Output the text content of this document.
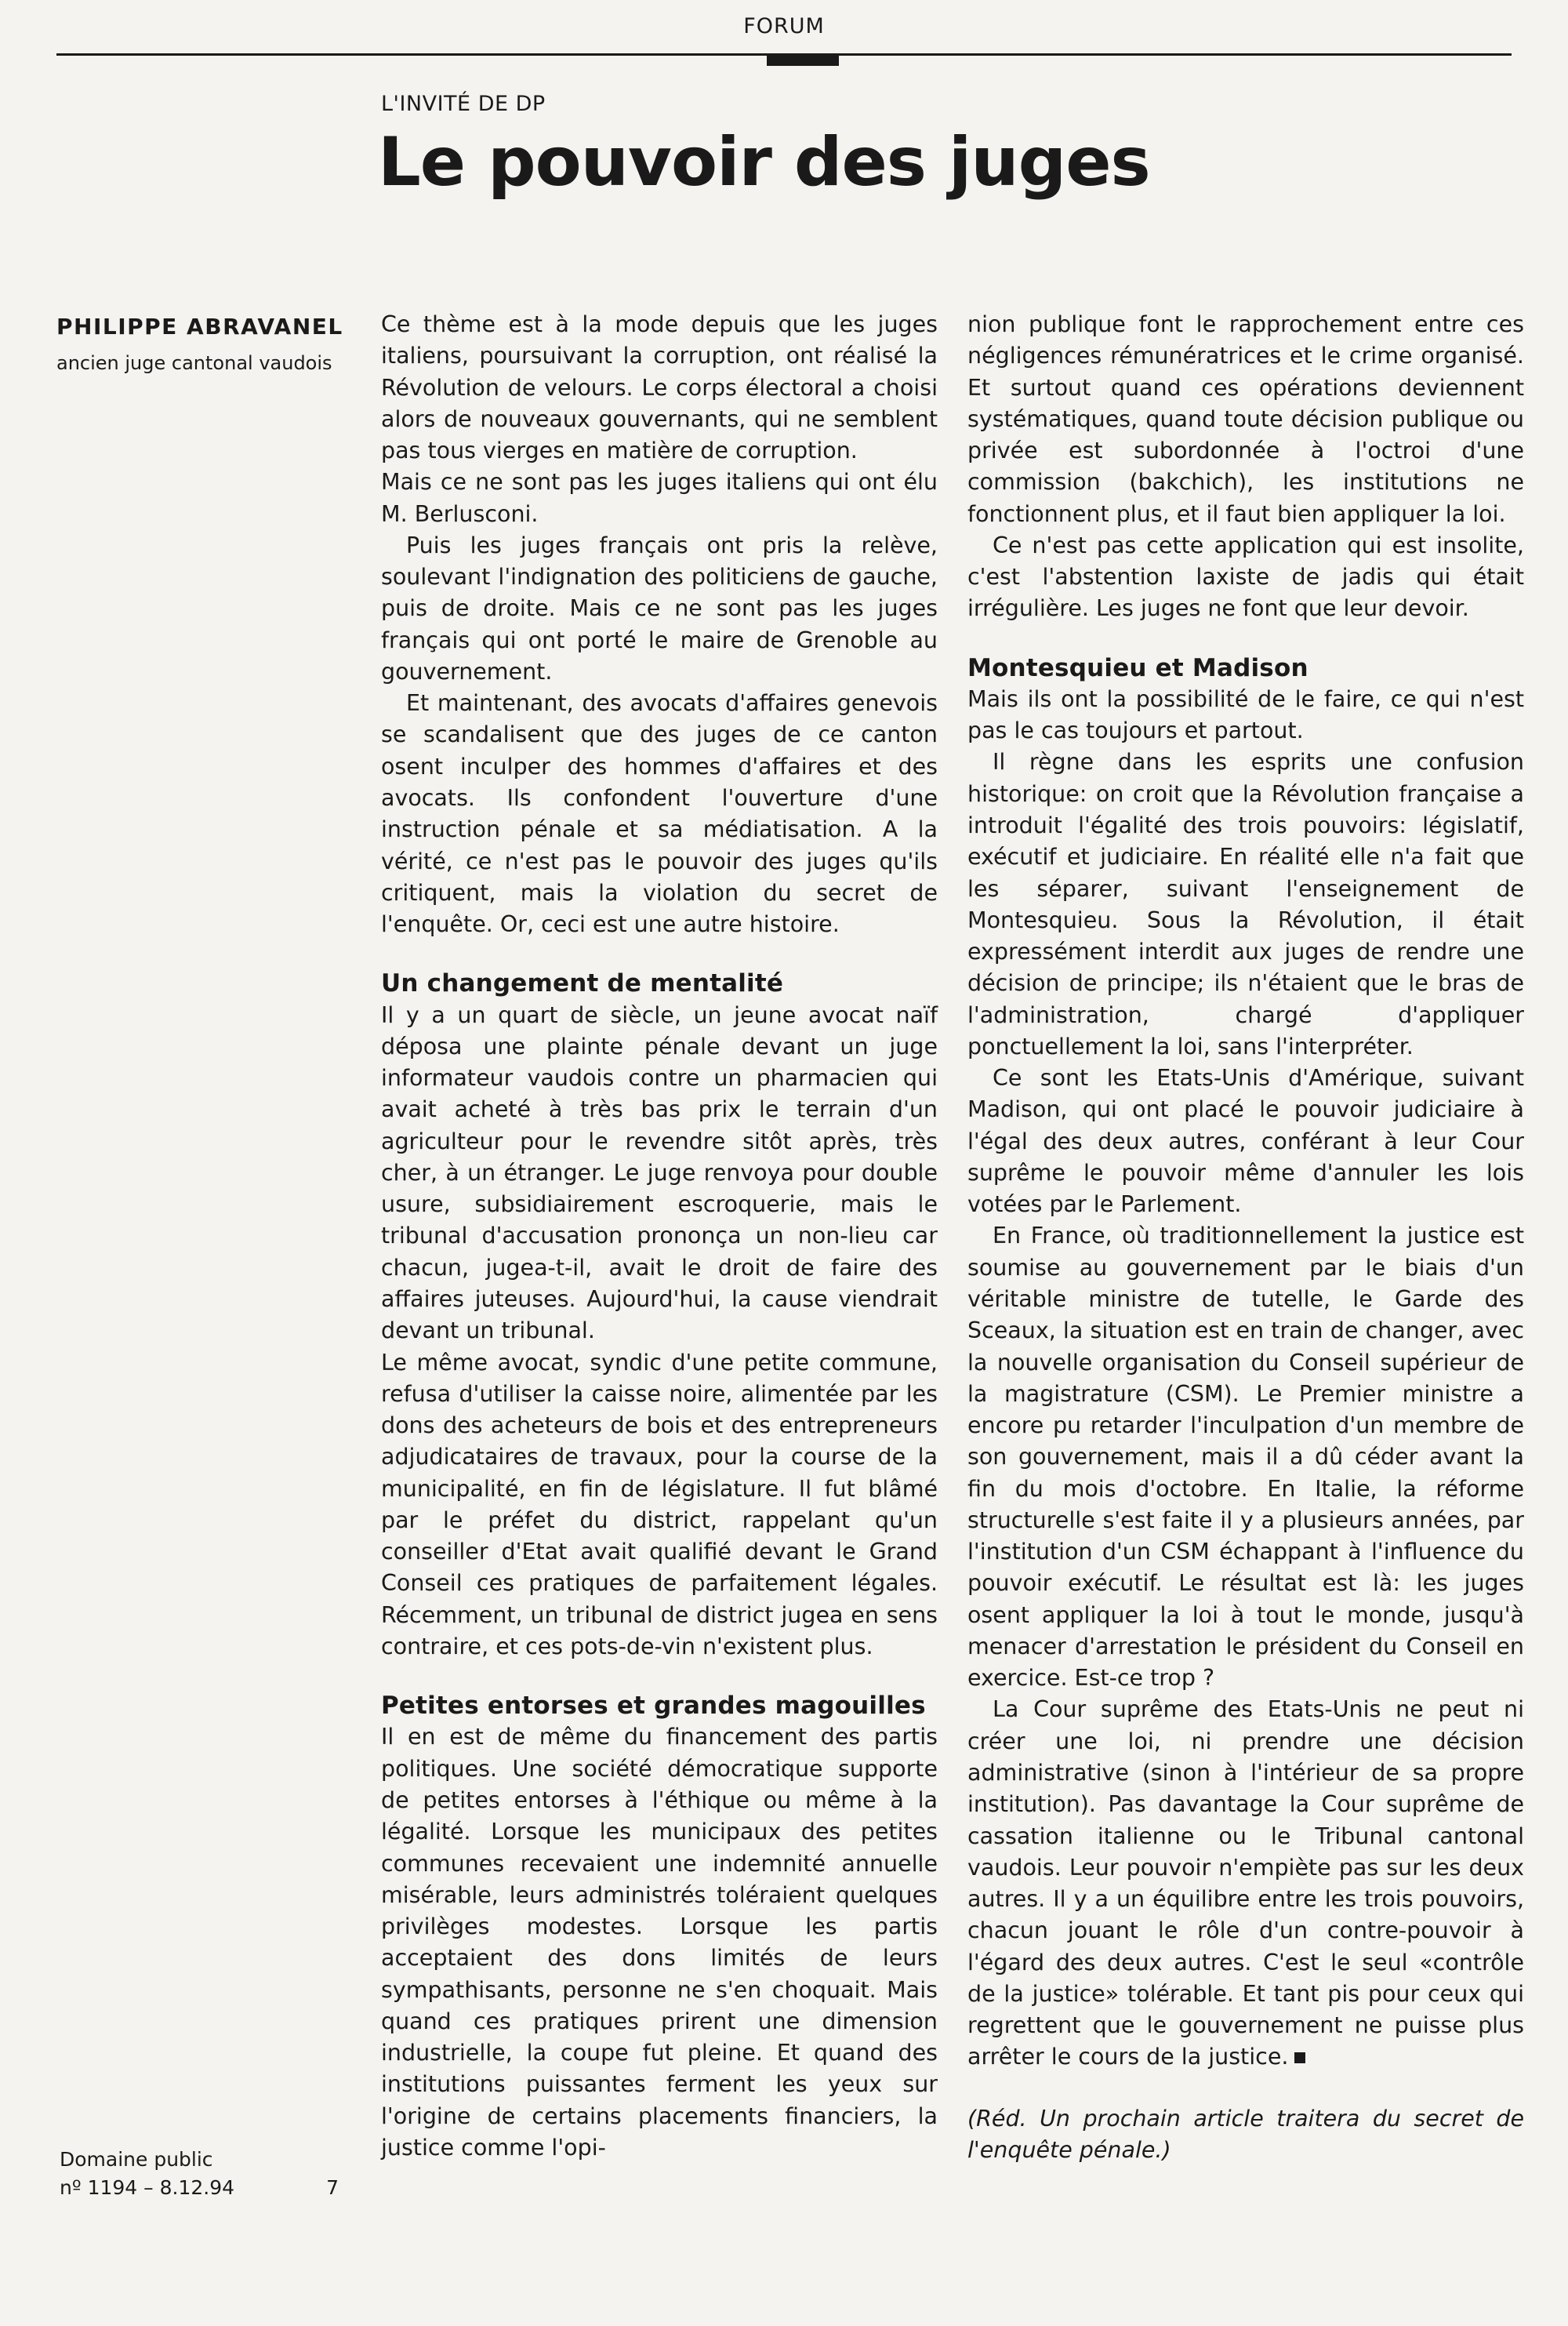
FORUM
L'INVITÉ DE DP
Le pouvoir des juges
PHILIPPE ABRAVANEL
ancien juge cantonal vaudois
Domaine public
nº 1194 – 8.12.94	7

Ce thème est à la mode depuis que les juges italiens, poursuivant la corruption, ont réalisé la Révolution de velours. Le corps électoral a choisi alors de nouveaux gouvernants, qui ne semblent pas tous vierges en matière de corruption.

Mais ce ne sont pas les juges italiens qui ont élu M. Berlusconi.

Puis les juges français ont pris la relève, soulevant l'indignation des politiciens de gauche, puis de droite. Mais ce ne sont pas les juges français qui ont porté le maire de Grenoble au gouvernement.

Et maintenant, des avocats d'affaires genevois se scandalisent que des juges de ce canton osent inculper des hommes d'affaires et des avocats. Ils confondent l'ouverture d'une instruction pénale et sa médiatisation. A la vérité, ce n'est pas le pouvoir des juges qu'ils critiquent, mais la violation du secret de l'enquête. Or, ceci est une autre histoire.

Un changement de mentalité

Il y a un quart de siècle, un jeune avocat naïf déposa une plainte pénale devant un juge informateur vaudois contre un pharmacien qui avait acheté à très bas prix le terrain d'un agriculteur pour le revendre sitôt après, très cher, à un étranger. Le juge renvoya pour double usure, subsidiairement escroquerie, mais le tribunal d'accusation prononça un non-lieu car chacun, jugea-t-il, avait le droit de faire des affaires juteuses. Aujourd'hui, la cause viendrait devant un tribunal.

Le même avocat, syndic d'une petite commune, refusa d'utiliser la caisse noire, alimentée par les dons des acheteurs de bois et des entrepreneurs adjudicataires de travaux, pour la course de la municipalité, en fin de législature. Il fut blâmé par le préfet du district, rappelant qu'un conseiller d'Etat avait qualifié devant le Grand Conseil ces pratiques de parfaitement légales. Récemment, un tribunal de district jugea en sens contraire, et ces pots-de-vin n'existent plus.

Petites entorses et grandes magouilles

Il en est de même du financement des partis politiques. Une société démocratique supporte de petites entorses à l'éthique ou même à la légalité. Lorsque les municipaux des petites communes recevaient une indemnité annuelle misérable, leurs administrés toléraient quelques privilèges modestes. Lorsque les partis acceptaient des dons limités de leurs sympathisants, personne ne s'en choquait. Mais quand ces pratiques prirent une dimension industrielle, la coupe fut pleine. Et quand des institutions puissantes ferment les yeux sur l'origine de certains placements financiers, la justice comme l'opi-

nion publique font le rapprochement entre ces négligences rémunératrices et le crime organisé. Et surtout quand ces opérations deviennent systématiques, quand toute décision publique ou privée est subordonnée à l'octroi d'une commission (bakchich), les institutions ne fonctionnent plus, et il faut bien appliquer la loi.

Ce n'est pas cette application qui est insolite, c'est l'abstention laxiste de jadis qui était irrégulière. Les juges ne font que leur devoir.

Montesquieu et Madison

Mais ils ont la possibilité de le faire, ce qui n'est pas le cas toujours et partout.

Il règne dans les esprits une confusion historique: on croit que la Révolution française a introduit l'égalité des trois pouvoirs: législatif, exécutif et judiciaire. En réalité elle n'a fait que les séparer, suivant l'enseignement de Montesquieu. Sous la Révolution, il était expressément interdit aux juges de rendre une décision de principe; ils n'étaient que le bras de l'administration, chargé d'appliquer ponctuellement la loi, sans l'interpréter.

Ce sont les Etats-Unis d'Amérique, suivant Madison, qui ont placé le pouvoir judiciaire à l'égal des deux autres, conférant à leur Cour suprême le pouvoir même d'annuler les lois votées par le Parlement.

En France, où traditionnellement la justice est soumise au gouvernement par le biais d'un véritable ministre de tutelle, le Garde des Sceaux, la situation est en train de changer, avec la nouvelle organisation du Conseil supérieur de la magistrature (CSM). Le Premier ministre a encore pu retarder l'inculpation d'un membre de son gouvernement, mais il a dû céder avant la fin du mois d'octobre. En Italie, la réforme structurelle s'est faite il y a plusieurs années, par l'institution d'un CSM échappant à l'influence du pouvoir exécutif. Le résultat est là: les juges osent appliquer la loi à tout le monde, jusqu'à menacer d'arrestation le président du Conseil en exercice. Est-ce trop ?

La Cour suprême des Etats-Unis ne peut ni créer une loi, ni prendre une décision administrative (sinon à l'intérieur de sa propre institution). Pas davantage la Cour suprême de cassation italienne ou le Tribunal cantonal vaudois. Leur pouvoir n'empiète pas sur les deux autres. Il y a un équilibre entre les trois pouvoirs, chacun jouant le rôle d'un contre-pouvoir à l'égard des deux autres. C'est le seul «contrôle de la justice» tolérable. Et tant pis pour ceux qui regrettent que le gouvernement ne puisse plus arrêter le cours de la justice.

(Réd. Un prochain article traitera du secret de l'enquête pénale.)
